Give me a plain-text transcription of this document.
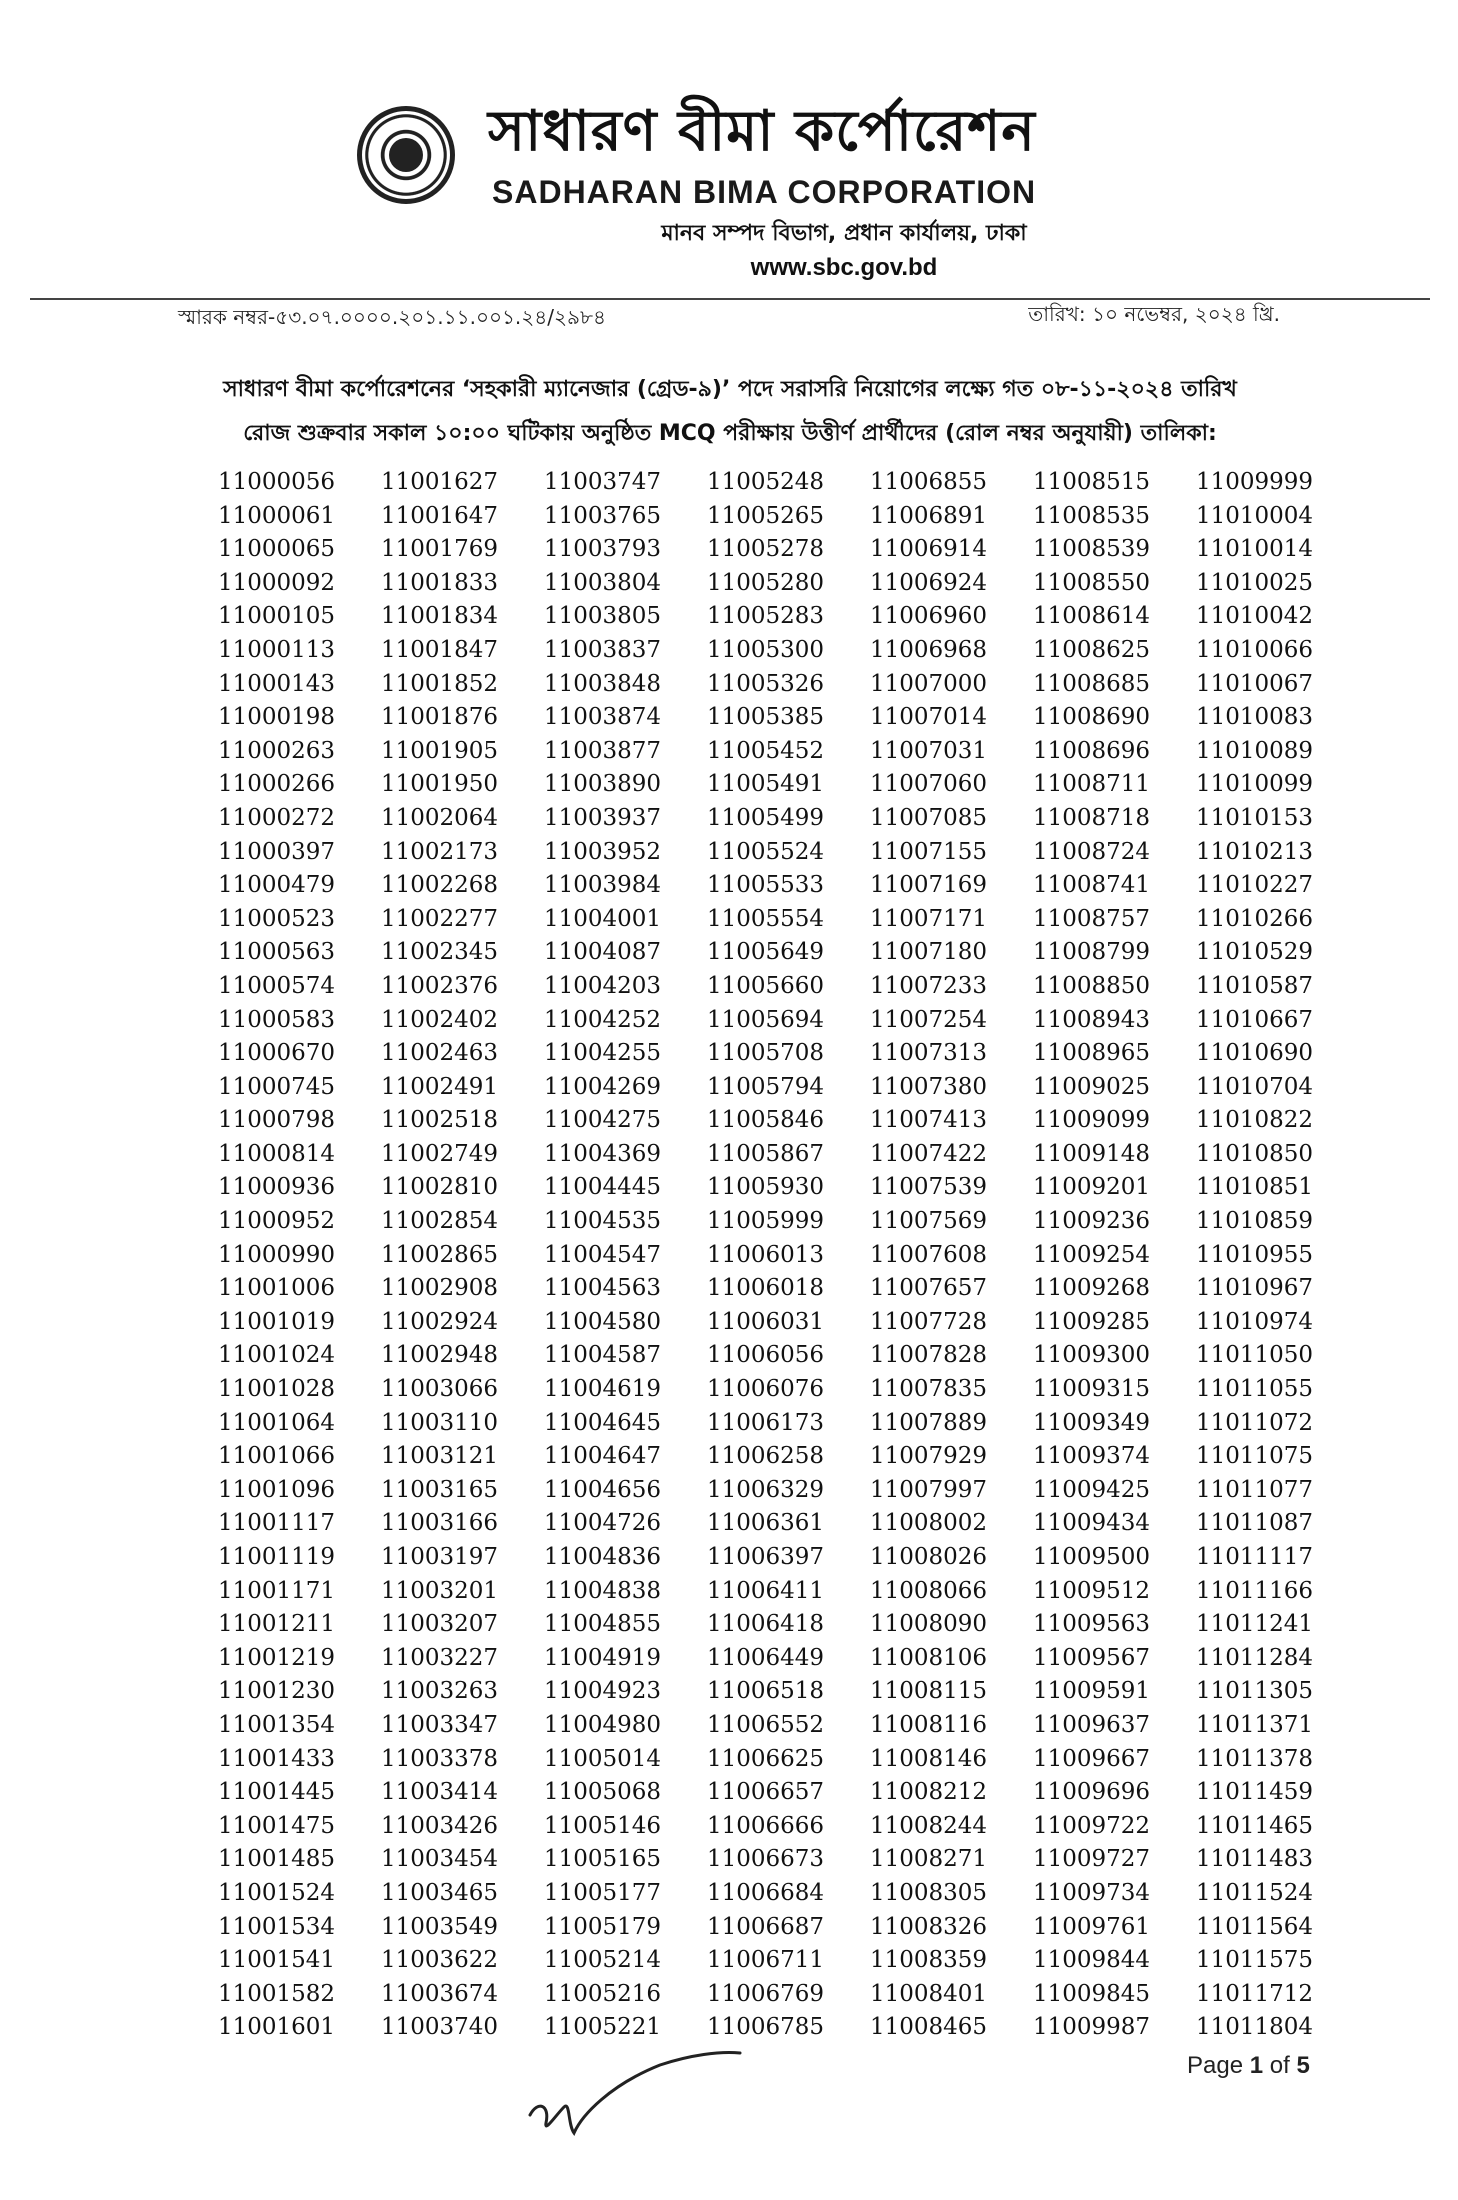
সাধারণ বীমা কর্পোরেশন
SADHARAN BIMA CORPORATION
মানব সম্পদ বিভাগ, প্রধান কার্যালয়, ঢাকা
www.sbc.gov.bd
স্মারক নম্বর-৫৩.০৭.০০০০.২০১.১১.০০১.২৪/২৯৮৪	তারিখ: ১০ নভেম্বর, ২০২৪ খ্রি.
সাধারণ বীমা কর্পোরেশনের ‘সহকারী ম্যানেজার (গ্রেড-৯)’ পদে সরাসরি নিয়োগের লক্ষ্যে গত ০৮-১১-২০২৪ তারিখ
রোজ শুক্রবার সকাল ১০:০০ ঘটিকায় অনুষ্ঠিত MCQ পরীক্ষায় উত্তীর্ণ প্রার্থীদের (রোল নম্বর অনুযায়ী) তালিকা:
11000056
11000061
11000065
11000092
11000105
11000113
11000143
11000198
11000263
11000266
11000272
11000397
11000479
11000523
11000563
11000574
11000583
11000670
11000745
11000798
11000814
11000936
11000952
11000990
11001006
11001019
11001024
11001028
11001064
11001066
11001096
11001117
11001119
11001171
11001211
11001219
11001230
11001354
11001433
11001445
11001475
11001485
11001524
11001534
11001541
11001582
11001601
11001627
11001647
11001769
11001833
11001834
11001847
11001852
11001876
11001905
11001950
11002064
11002173
11002268
11002277
11002345
11002376
11002402
11002463
11002491
11002518
11002749
11002810
11002854
11002865
11002908
11002924
11002948
11003066
11003110
11003121
11003165
11003166
11003197
11003201
11003207
11003227
11003263
11003347
11003378
11003414
11003426
11003454
11003465
11003549
11003622
11003674
11003740
11003747
11003765
11003793
11003804
11003805
11003837
11003848
11003874
11003877
11003890
11003937
11003952
11003984
11004001
11004087
11004203
11004252
11004255
11004269
11004275
11004369
11004445
11004535
11004547
11004563
11004580
11004587
11004619
11004645
11004647
11004656
11004726
11004836
11004838
11004855
11004919
11004923
11004980
11005014
11005068
11005146
11005165
11005177
11005179
11005214
11005216
11005221
11005248
11005265
11005278
11005280
11005283
11005300
11005326
11005385
11005452
11005491
11005499
11005524
11005533
11005554
11005649
11005660
11005694
11005708
11005794
11005846
11005867
11005930
11005999
11006013
11006018
11006031
11006056
11006076
11006173
11006258
11006329
11006361
11006397
11006411
11006418
11006449
11006518
11006552
11006625
11006657
11006666
11006673
11006684
11006687
11006711
11006769
11006785
11006855
11006891
11006914
11006924
11006960
11006968
11007000
11007014
11007031
11007060
11007085
11007155
11007169
11007171
11007180
11007233
11007254
11007313
11007380
11007413
11007422
11007539
11007569
11007608
11007657
11007728
11007828
11007835
11007889
11007929
11007997
11008002
11008026
11008066
11008090
11008106
11008115
11008116
11008146
11008212
11008244
11008271
11008305
11008326
11008359
11008401
11008465
11008515
11008535
11008539
11008550
11008614
11008625
11008685
11008690
11008696
11008711
11008718
11008724
11008741
11008757
11008799
11008850
11008943
11008965
11009025
11009099
11009148
11009201
11009236
11009254
11009268
11009285
11009300
11009315
11009349
11009374
11009425
11009434
11009500
11009512
11009563
11009567
11009591
11009637
11009667
11009696
11009722
11009727
11009734
11009761
11009844
11009845
11009987
11009999
11010004
11010014
11010025
11010042
11010066
11010067
11010083
11010089
11010099
11010153
11010213
11010227
11010266
11010529
11010587
11010667
11010690
11010704
11010822
11010850
11010851
11010859
11010955
11010967
11010974
11011050
11011055
11011072
11011075
11011077
11011087
11011117
11011166
11011241
11011284
11011305
11011371
11011378
11011459
11011465
11011483
11011524
11011564
11011575
11011712
11011804
Page 1 of 5
